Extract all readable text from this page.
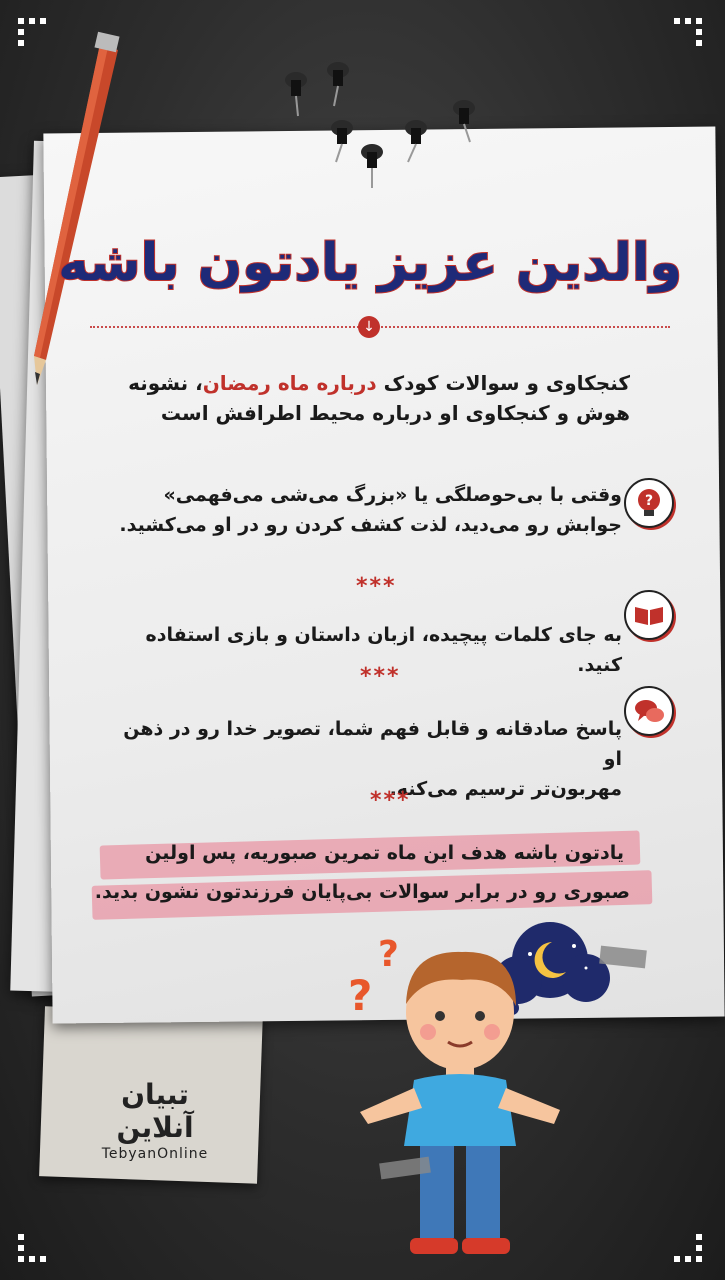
والدین عزیز یادتون باشه
↓
کنجکاوی و سوالات کودک درباره ماه رمضان، نشونه
هوش و کنجکاوی او درباره محیط اطرافش است
?
وقتی با بی‌حوصلگی یا «بزرگ می‌شی می‌فهمی»
جوابش رو می‌دید، لذت کشف کردن رو در او می‌کشید.
***
به جای کلمات پیچیده، ازبان داستان و بازی استفاده کنید.
***
پاسخ صادقانه و قابل فهم شما، تصویر خدا رو در ذهن او
مهربون‌تر ترسیم می‌کنه.
***
یادتون باشه هدف این ماه تمرین صبوریه، پس اولین
صبوری رو در برابر سوالات بی‌پایان فرزندتون نشون بدید.
تبیان آنلاین
TebyanOnline
?
?
